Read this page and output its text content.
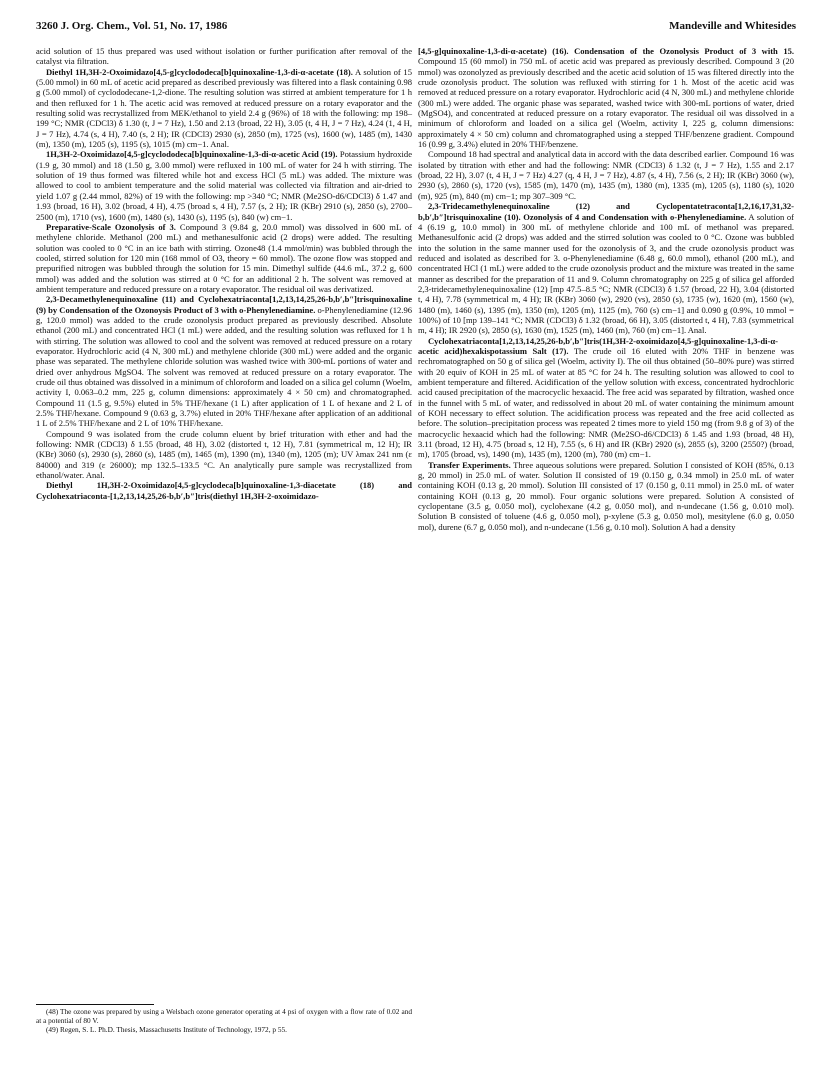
3260 J. Org. Chem., Vol. 51, No. 17, 1986	Mandeville and Whitesides

acid solution of 15 thus prepared was used without isolation or further purification after removal of the catalyst via filtration.

Diethyl 1H,3H-2-Oxoimidazo[4,5-g]cyclododeca[b]quinoxaline-1,3-di-α-acetate (18). A solution of 15 (5.00 mmol) in 60 mL of acetic acid prepared as described previously was filtered into a flask containing 0.98 g (5.00 mmol) of cyclododecane-1,2-dione. The resulting solution was stirred at ambient temperature for 1 h and then refluxed for 1 h. The acetic acid was removed at reduced pressure on a rotary evaporator and the resulting solid was recrystallized from MEK/ethanol to yield 2.4 g (96%) of 18 with the following: mp 198–199 °C; NMR (CDCl3) δ 1.30 (t, J = 7 Hz), 1.50 and 2.13 (broad, 22 H), 3.05 (t, 4 H, J = 7 Hz), 4.24 (1, 4 H, J = 7 Hz), 4.74 (s, 4 H), 7.40 (s, 2 H); IR (CDCl3) 2930 (s), 2850 (m), 1725 (vs), 1600 (w), 1485 (m), 1430 (m), 1350 (m), 1205 (s), 1195 (s), 1015 (m) cm−1. Anal.

1H,3H-2-Oxoimidazo[4,5-g]cyclododeca[b]quinoxaline-1,3-di-α-acetic Acid (19). Potassium hydroxide (1.9 g, 30 mmol) and 18 (1.50 g, 3.00 mmol) were refluxed in 100 mL of water for 24 h with stirring. The solution of 19 thus formed was filtered while hot and excess HCl (5 mL) was added. The mixture was allowed to cool to ambient temperature and the solid material was collected via filtration and air-dried to yield 1.07 g (2.44 mmol, 82%) of 19 with the following: mp >340 °C; NMR (Me2SO-d6/CDCl3) δ 1.47 and 1.93 (broad, 16 H), 3.02 (broad, 4 H), 4.75 (broad s, 4 H), 7.57 (s, 2 H); IR (KBr) 2910 (s), 2850 (s), 2700–2500 (m), 1710 (vs), 1600 (m), 1480 (s), 1430 (s), 1195 (s), 840 (w) cm−1.

Preparative-Scale Ozonolysis of 3. Compound 3 (9.84 g, 20.0 mmol) was dissolved in 600 mL of methylene chloride. Methanol (200 mL) and methanesulfonic acid (2 drops) were added. The resulting solution was cooled to 0 °C in an ice bath with stirring. Ozone48 (1.4 mmol/min) was bubbled through the cooled, stirred solution for 120 min (168 mmol of O3, theory = 60 mmol). The ozone flow was stopped and prepurified nitrogen was bubbled through the solution for 15 min. Dimethyl sulfide (44.6 mL, 37.2 g, 600 mmol) was added and the solution was stirred at 0 °C for an additional 2 h. The solvent was removed at ambient temperature and reduced pressure on a rotary evaporator. The residual oil was derivatized.

2,3-Decamethylenequinoxaline (11) and Cyclohexatriaconta[1,2,13,14,25,26-b,b′,b″]trisquinoxaline (9) by Condensation of the Ozonoysis Product of 3 with o-Phenylenediamine. o-Phenylenediamine (12.96 g, 120.0 mmol) was added to the crude ozonolysis product prepared as previously described. Absolute ethanol (200 mL) and concentrated HCl (1 mL) were added, and the resulting solution was refluxed for 1 h with stirring. The solution was allowed to cool and the solvent was removed at reduced pressure on a rotary evaporator. Hydrochloric acid (4 N, 300 mL) and methylene chloride (300 mL) were added and the organic phase was separated. The methylene chloride solution was washed twice with 300-mL portions of water and dried over anhydrous MgSO4. The solvent was removed at reduced pressure on a rotary evaporator. The crude oil thus obtained was dissolved in a minimum of chloroform and loaded on a silica gel column (Woelm, activity I, 0.063–0.2 mm, 225 g, column dimensions: approximately 4 × 50 cm) and chromatographed. Compound 11 (1.5 g, 9.5%) eluted in 5% THF/hexane (1 L) after application of 1 L of hexane and 2 L of 2.5% THF/hexane. Compound 9 (0.63 g, 3.7%) eluted in 20% THF/hexane after application of an additional 1 L of 2.5% THF/hexane and 2 L of 10% THF/hexane.

Compound 9 was isolated from the crude column eluent by brief trituration with ether and had the following: NMR (CDCl3) δ 1.55 (broad, 48 H), 3.02 (distorted t, 12 H), 7.81 (symmetrical m, 12 H); IR (KBr) 3060 (s), 2930 (s), 2860 (s), 1485 (m), 1465 (m), 1390 (m), 1340 (m), 1205 (m); UV λmax 241 nm (ε 84000) and 319 (ε 26000); mp 132.5–133.5 °C. An analytically pure sample was recrystallized from ethanol/water. Anal.

Diethyl 1H,3H-2-Oxoimidazo[4,5-g]cyclodeca[b]quinoxaline-1,3-diacetate (18) and Cyclohexatriaconta-[1,2,13,14,25,26-b,b′,b″]tris(diethyl 1H,3H-2-oxoimidazo-

[4,5-g]quinoxaline-1,3-di-α-acetate) (16). Condensation of the Ozonolysis Product of 3 with 15. Compound 15 (60 mmol) in 750 mL of acetic acid was prepared as previously described. Compound 3 (20 mmol) was ozonolyzed as previously described and the acetic acid solution of 15 was filtered directly into the crude ozonolysis product. The solution was refluxed with stirring for 1 h. Most of the acetic acid was removed at reduced pressure on a rotary evaporator. Hydrochloric acid (4 N, 300 mL) and methylene chloride (300 mL) were added. The organic phase was separated, washed twice with 300-mL portions of water, dried (MgSO4), and concentrated at reduced pressure on a rotary evaporator. The residual oil was dissolved in a minimum of chloroform and loaded on a silica gel (Woelm, activity I, 225 g, column dimensions: approximately 4 × 50 cm) column and chromatographed using a stepped THF/benzene gradient. Compound 16 (0.99 g, 3.4%) eluted in 20% THF/benzene.

Compound 18 had spectral and analytical data in accord with the data described earlier. Compound 16 was isolated by titration with ether and had the following: NMR (CDCl3) δ 1.32 (t, J = 7 Hz), 1.55 and 2.17 (broad, 22 H), 3.07 (t, 4 H, J = 7 Hz) 4.27 (q, 4 H, J = 7 Hz), 4.87 (s, 4 H), 7.56 (s, 2 H); IR (KBr) 3060 (w), 2930 (s), 2860 (s), 1720 (vs), 1585 (m), 1470 (m), 1435 (m), 1380 (m), 1335 (m), 1205 (s), 1180 (s), 1020 (m), 925 (m), 840 (m) cm−1; mp 307–309 °C.

2,3-Tridecamethylenequinoxaline (12) and Cyclopentatetraconta[1,2,16,17,31,32-b,b′,b″]trisquinoxaline (10). Ozonolysis of 4 and Condensation with o-Phenylenediamine. A solution of 4 (6.19 g, 10.0 mmol) in 300 mL of methylene chloride and 100 mL of methanol was prepared. Methanesulfonic acid (2 drops) was added and the stirred solution was cooled to 0 °C. Ozone was bubbled into the solution in the same manner used for the ozonolysis of 3, and the crude ozonolysis product was reduced and isolated as described for 3. o-Phenylenediamine (6.48 g, 60.0 mmol), ethanol (200 mL), and concentrated HCl (1 mL) were added to the crude ozonolysis product and the mixture was treated in the same manner as described for the preparation of 11 and 9. Column chromatography on 225 g of silica gel afforded 2,3-tridecamethylenequinoxaline (12) [mp 47.5–8.5 °C; NMR (CDCl3) δ 1.57 (broad, 22 H), 3.04 (distorted t, 4 H), 7.78 (symmetrical m, 4 H); IR (KBr) 3060 (w), 2920 (vs), 2850 (s), 1735 (w), 1620 (m), 1560 (w), 1480 (m), 1460 (s), 1395 (m), 1350 (m), 1205 (m), 1125 (m), 760 (s) cm−1] and 0.090 g (0.9%, 10 mmol = 100%) of 10 [mp 139–141 °C; NMR (CDCl3) δ 1.32 (broad, 66 H), 3.05 (distorted t, 4 H), 7.83 (symmetrical m, 4 H); IR 2920 (s), 2850 (s), 1630 (m), 1525 (m), 1460 (m), 760 (m) cm−1]. Anal.

Cyclohexatriaconta[1,2,13,14,25,26-b,b′,b″]tris(1H,3H-2-oxoimidazo[4,5-g]quinoxaline-1,3-di-α-acetic acid)hexakispotassium Salt (17). The crude oil 16 eluted with 20% THF in benzene was rechromatographed on 50 g of silica gel (Woelm, activity I). The oil thus obtained (50–80% pure) was stirred with 20 equiv of KOH in 25 mL of water at 85 °C for 24 h. The resulting solution was allowed to cool to ambient temperature and filtered. Acidification of the yellow solution with excess, concentrated hydrochloric acid caused precipitation of the macrocyclic hexaacid. The free acid was separated by filtration, washed once in the funnel with 5 mL of water, and redissolved in about 20 mL of water containing the minimum amount of KOH necessary to effect solution. The acidification process was repeated and the free acid collected as before. The solution–precipitation process was repeated 2 times more to yield 150 mg (from 9.8 g of 3) of the macrocyclic hexaacid which had the following: NMR (Me2SO-d6/CDCl3) δ 1.45 and 1.93 (broad, 48 H), 3.11 (broad, 12 H), 4.75 (broad s, 12 H), 7.55 (s, 6 H) and IR (KBr) 2920 (s), 2855 (s), 3200 (2550?) (broad, m), 1705 (broad, vs), 1490 (m), 1435 (m), 1200 (m), 780 (m) cm−1.

Transfer Experiments. Three aqueous solutions were prepared. Solution I consisted of KOH (85%, 0.13 g, 20 mmol) in 25.0 mL of water. Solution II consisted of 19 (0.150 g, 0.34 mmol) in 25.0 mL of water containing KOH (0.13 g, 20 mmol). Solution III consisted of 17 (0.150 g, 0.11 mmol) in 25.0 mL of water containing KOH (0.13 g, 20 mmol). Four organic solutions were prepared. Solution A consisted of cyclopentane (3.5 g, 0.050 mol), cyclohexane (4.2 g, 0.050 mol), and n-undecane (1.56 g, 0.010 mol). Solution B consisted of toluene (4.6 g, 0.050 mol), p-xylene (5.3 g, 0.050 mol), mesitylene (6.0 g, 0.050 mol), durene (6.7 g, 0.050 mol), and n-undecane (1.56 g, 0.10 mol). Solution A had a density

(48) The ozone was prepared by using a Welsbach ozone generator operating at 4 psi of oxygen with a flow rate of 0.02 and at a potential of 80 V.

(49) Regen, S. L. Ph.D. Thesis, Massachusetts Institute of Technology, 1972, p 55.
